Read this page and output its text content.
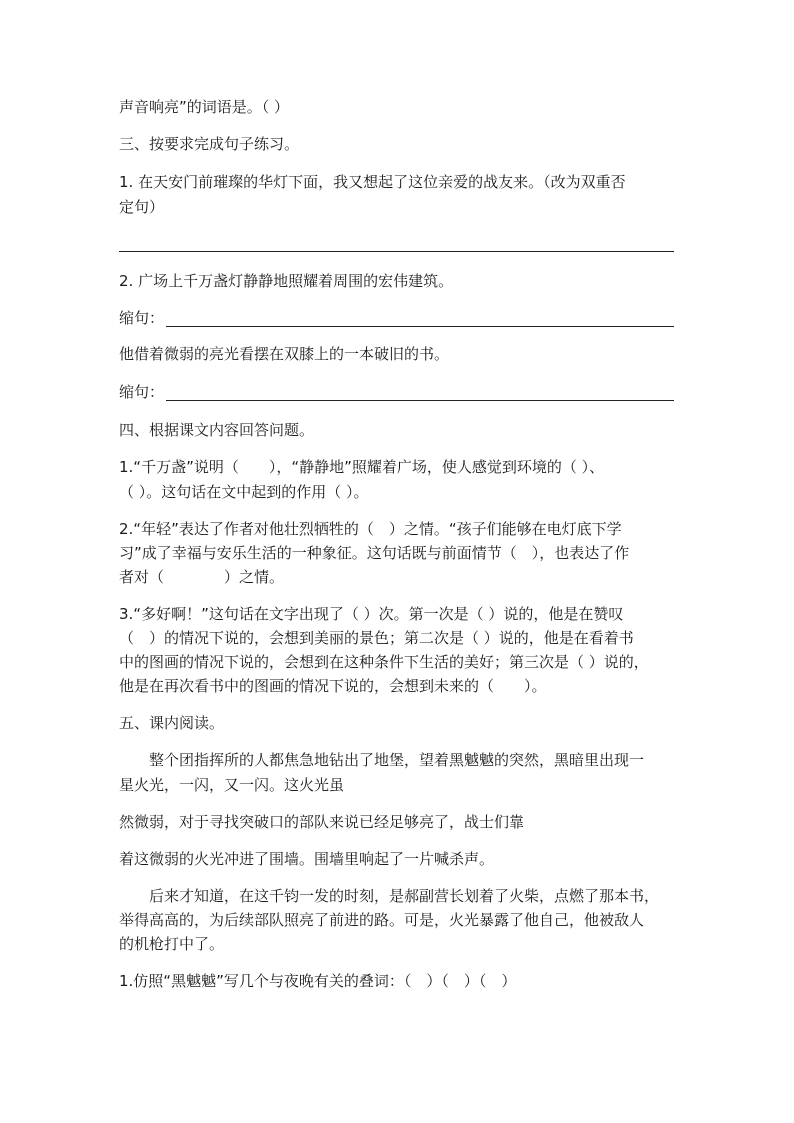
声音响亮”的词语是。（ ）

三、按要求完成句子练习。

1. 在天安门前璀璨的华灯下面，我又想起了这位亲爱的战友来。（改为双重否

定句）

2. 广场上千万盏灯静静地照耀着周围的宏伟建筑。

缩句：

他借着微弱的亮光看摆在双膝上的一本破旧的书。

缩句：

四、根据课文内容回答问题。

1.“千万盏”说明（　　），“静静地”照耀着广场，使人感觉到环境的（ ）、

（ ）。这句话在文中起到的作用（ ）。

2.“年轻”表达了作者对他壮烈牺牲的（　）之情。“孩子们能够在电灯底下学

习”成了幸福与安乐生活的一种象征。这句话既与前面情节（　），也表达了作

者对（　　　　）之情。

3.“多好啊！”这句话在文字出现了（ ）次。第一次是（ ）说的，他是在赞叹

（　）的情况下说的，会想到美丽的景色；第二次是（ ）说的，他是在看着书

中的图画的情况下说的，会想到在这种条件下生活的美好；第三次是（ ）说的，

他是在再次看书中的图画的情况下说的，会想到未来的（　　）。

五、课内阅读。

　　整个团指挥所的人都焦急地钻出了地堡，望着黑魆魆的突然，黑暗里出现一

星火光，一闪，又一闪。这火光虽

然微弱，对于寻找突破口的部队来说已经足够亮了，战士们靠

着这微弱的火光冲进了围墙。围墙里响起了一片喊杀声。

　　后来才知道，在这千钧一发的时刻，是郝副营长划着了火柴，点燃了那本书，

举得高高的，为后续部队照亮了前进的路。可是，火光暴露了他自己，他被敌人

的机枪打中了。

1.仿照“黑魆魆”写几个与夜晚有关的叠词：（　）（　）（　）
